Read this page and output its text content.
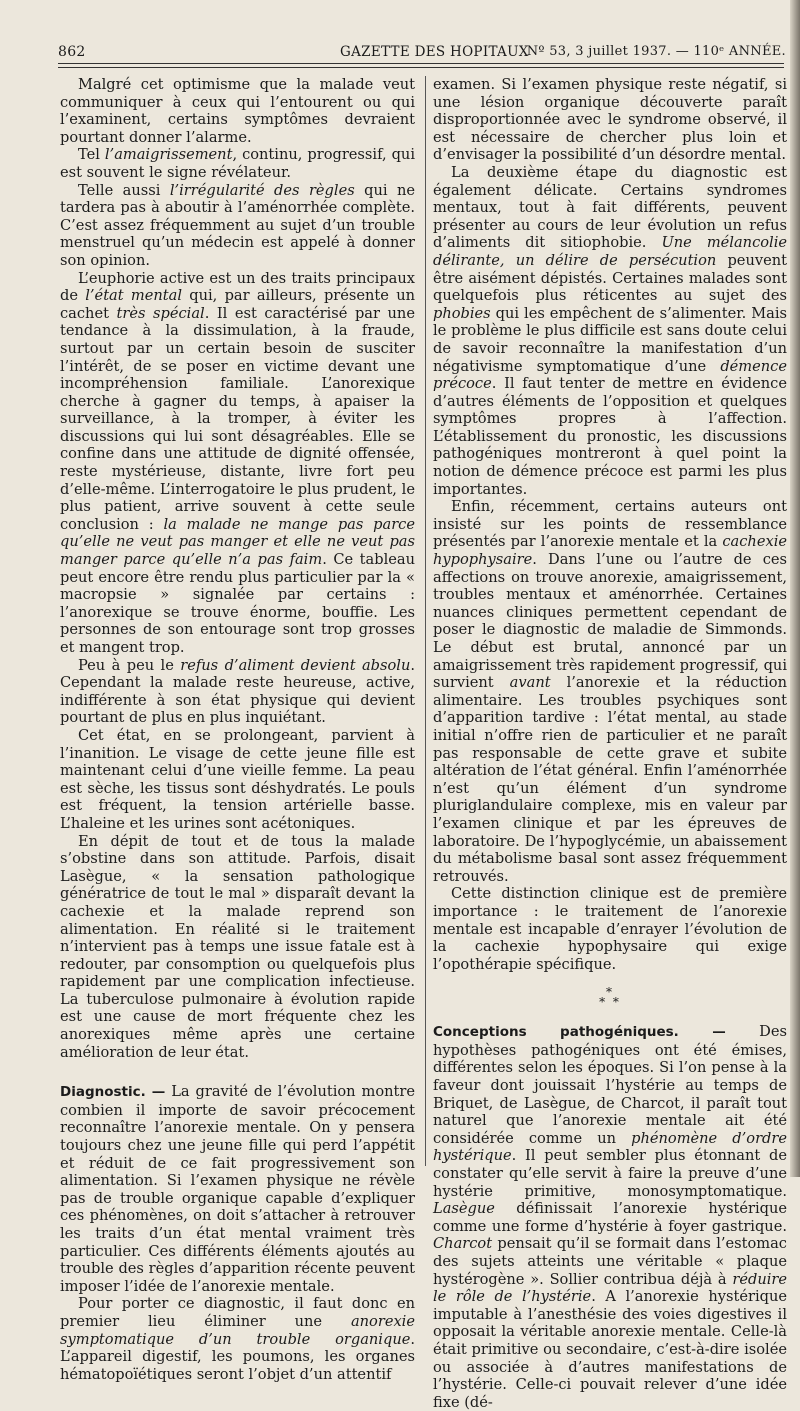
862	GAZETTE DES HOPITAUX
Nº 53, 3 juillet 1937. — 110ᵉ ANNÉE.

Malgré cet optimisme que la malade veut communiquer à ceux qui l’entourent ou qui l’examinent, certains symptômes devraient pourtant donner l’alarme.

Tel l’amaigrissement, continu, progressif, qui est souvent le signe révélateur.

Telle aussi l’irrégularité des règles qui ne tardera pas à aboutir à l’aménorrhée complète. C’est assez fréquemment au sujet d’un trouble menstruel qu’un médecin est appelé à donner son opinion.

L’euphorie active est un des traits principaux de l’état mental qui, par ailleurs, présente un cachet très spécial. Il est caractérisé par une tendance à la dissimulation, à la fraude, surtout par un certain besoin de susciter l’intérêt, de se poser en victime devant une incompréhension familiale. L’anorexique cherche à gagner du temps, à apaiser la surveillance, à la tromper, à éviter les discussions qui lui sont désagréables. Elle se confine dans une attitude de dignité offensée, reste mystérieuse, distante, livre fort peu d’elle-même. L’interrogatoire le plus prudent, le plus patient, arrive souvent à cette seule conclusion : la malade ne mange pas parce qu’elle ne veut pas manger et elle ne veut pas manger parce qu’elle n’a pas faim. Ce tableau peut encore être rendu plus particulier par la « macropsie » signalée par certains : l’anorexique se trouve énorme, bouffie. Les personnes de son entourage sont trop grosses et mangent trop.

Peu à peu le refus d’aliment devient absolu. Cependant la malade reste heureuse, active, indifférente à son état physique qui devient pourtant de plus en plus inquiétant.

Cet état, en se prolongeant, parvient à l’inanition. Le visage de cette jeune fille est maintenant celui d’une vieille femme. La peau est sèche, les tissus sont déshydratés. Le pouls est fréquent, la tension artérielle basse. L’haleine et les urines sont acétoniques.

En dépit de tout et de tous la malade s’obstine dans son attitude. Parfois, disait Lasègue, « la sensation pathologique génératrice de tout le mal » disparaît devant la cachexie et la malade reprend son alimentation. En réalité si le traitement n’intervient pas à temps une issue fatale est à redouter, par consomption ou quelquefois plus rapidement par une complication infectieuse. La tuberculose pulmonaire à évolution rapide est une cause de mort fréquente chez les anorexiques même après une certaine amélioration de leur état.

Diagnostic. — La gravité de l’évolution montre combien il importe de savoir précocement reconnaître l’anorexie mentale. On y pensera toujours chez une jeune fille qui perd l’appétit et réduit de ce fait progressivement son alimentation. Si l’examen physique ne révèle pas de trouble organique capable d’expliquer ces phénomènes, on doit s’attacher à retrouver les traits d’un état mental vraiment très particulier. Ces différents éléments ajoutés au trouble des règles d’apparition récente peuvent imposer l’idée de l’anorexie mentale.

Pour porter ce diagnostic, il faut donc en premier lieu éliminer une anorexie symptomatique d’un trouble organique. L’appareil digestif, les poumons, les organes hématopoïétiques seront l’objet d’un attentif

examen. Si l’examen physique reste négatif, si une lésion organique découverte paraît disproportionnée avec le syndrome observé, il est nécessaire de chercher plus loin et d’envisager la possibilité d’un désordre mental.

La deuxième étape du diagnostic est également délicate. Certains syndromes mentaux, tout à fait différents, peuvent présenter au cours de leur évolution un refus d’aliments dit sitiophobie. Une mélancolie délirante, un délire de persécution peuvent être aisément dépistés. Certaines malades sont quelquefois plus réticentes au sujet des phobies qui les empêchent de s’alimenter. Mais le problème le plus difficile est sans doute celui de savoir reconnaître la manifestation d’un négativisme symptomatique d’une démence précoce. Il faut tenter de mettre en évidence d’autres éléments de l’opposition et quelques symptômes propres à l’affection. L’établissement du pronostic, les discussions pathogéniques montreront à quel point la notion de démence précoce est parmi les plus importantes.

Enfin, récemment, certains auteurs ont insisté sur les points de ressemblance présentés par l’anorexie mentale et la cachexie hypophysaire. Dans l’une ou l’autre de ces affections on trouve anorexie, amaigrissement, troubles mentaux et aménorrhée. Certaines nuances cliniques permettent cependant de poser le diagnostic de maladie de Simmonds. Le début est brutal, annoncé par un amaigrissement très rapidement progressif, qui survient avant l’anorexie et la réduction alimentaire. Les troubles psychiques sont d’apparition tardive : l’état mental, au stade initial n’offre rien de particulier et ne paraît pas responsable de cette grave et subite altération de l’état général. Enfin l’aménorrhée n’est qu’un élément d’un syndrome pluriglandulaire complexe, mis en valeur par l’examen clinique et par les épreuves de laboratoire. De l’hypoglycémie, un abaissement du métabolisme basal sont assez fréquemment retrouvés.

Cette distinction clinique est de première importance : le traitement de l’anorexie mentale est incapable d’enrayer l’évolution de la cachexie hypophysaire qui exige l’opothérapie spécifique.

*
* *

Conceptions pathogéniques. — Des hypothèses pathogéniques ont été émises, différentes selon les époques. Si l’on pense à la faveur dont jouissait l’hystérie au temps de Briquet, de Lasègue, de Charcot, il paraît tout naturel que l’anorexie mentale ait été considérée comme un phénomène d’ordre hystérique. Il peut sembler plus étonnant de constater qu’elle servit à faire la preuve d’une hystérie primitive, monosymptomatique. Lasègue définissait l’anorexie hystérique comme une forme d’hystérie à foyer gastrique. Charcot pensait qu’il se formait dans l’estomac des sujets atteints une véritable « plaque hystérogène ». Sollier contribua déjà à réduire le rôle de l’hystérie. A l’anorexie hystérique imputable à l’anesthésie des voies digestives il opposait la véritable anorexie mentale. Celle-là était primitive ou secondaire, c’est-à-dire isolée ou associée à d’autres manifestations de l’hystérie. Celle-ci pouvait relever d’une idée fixe (dé-
